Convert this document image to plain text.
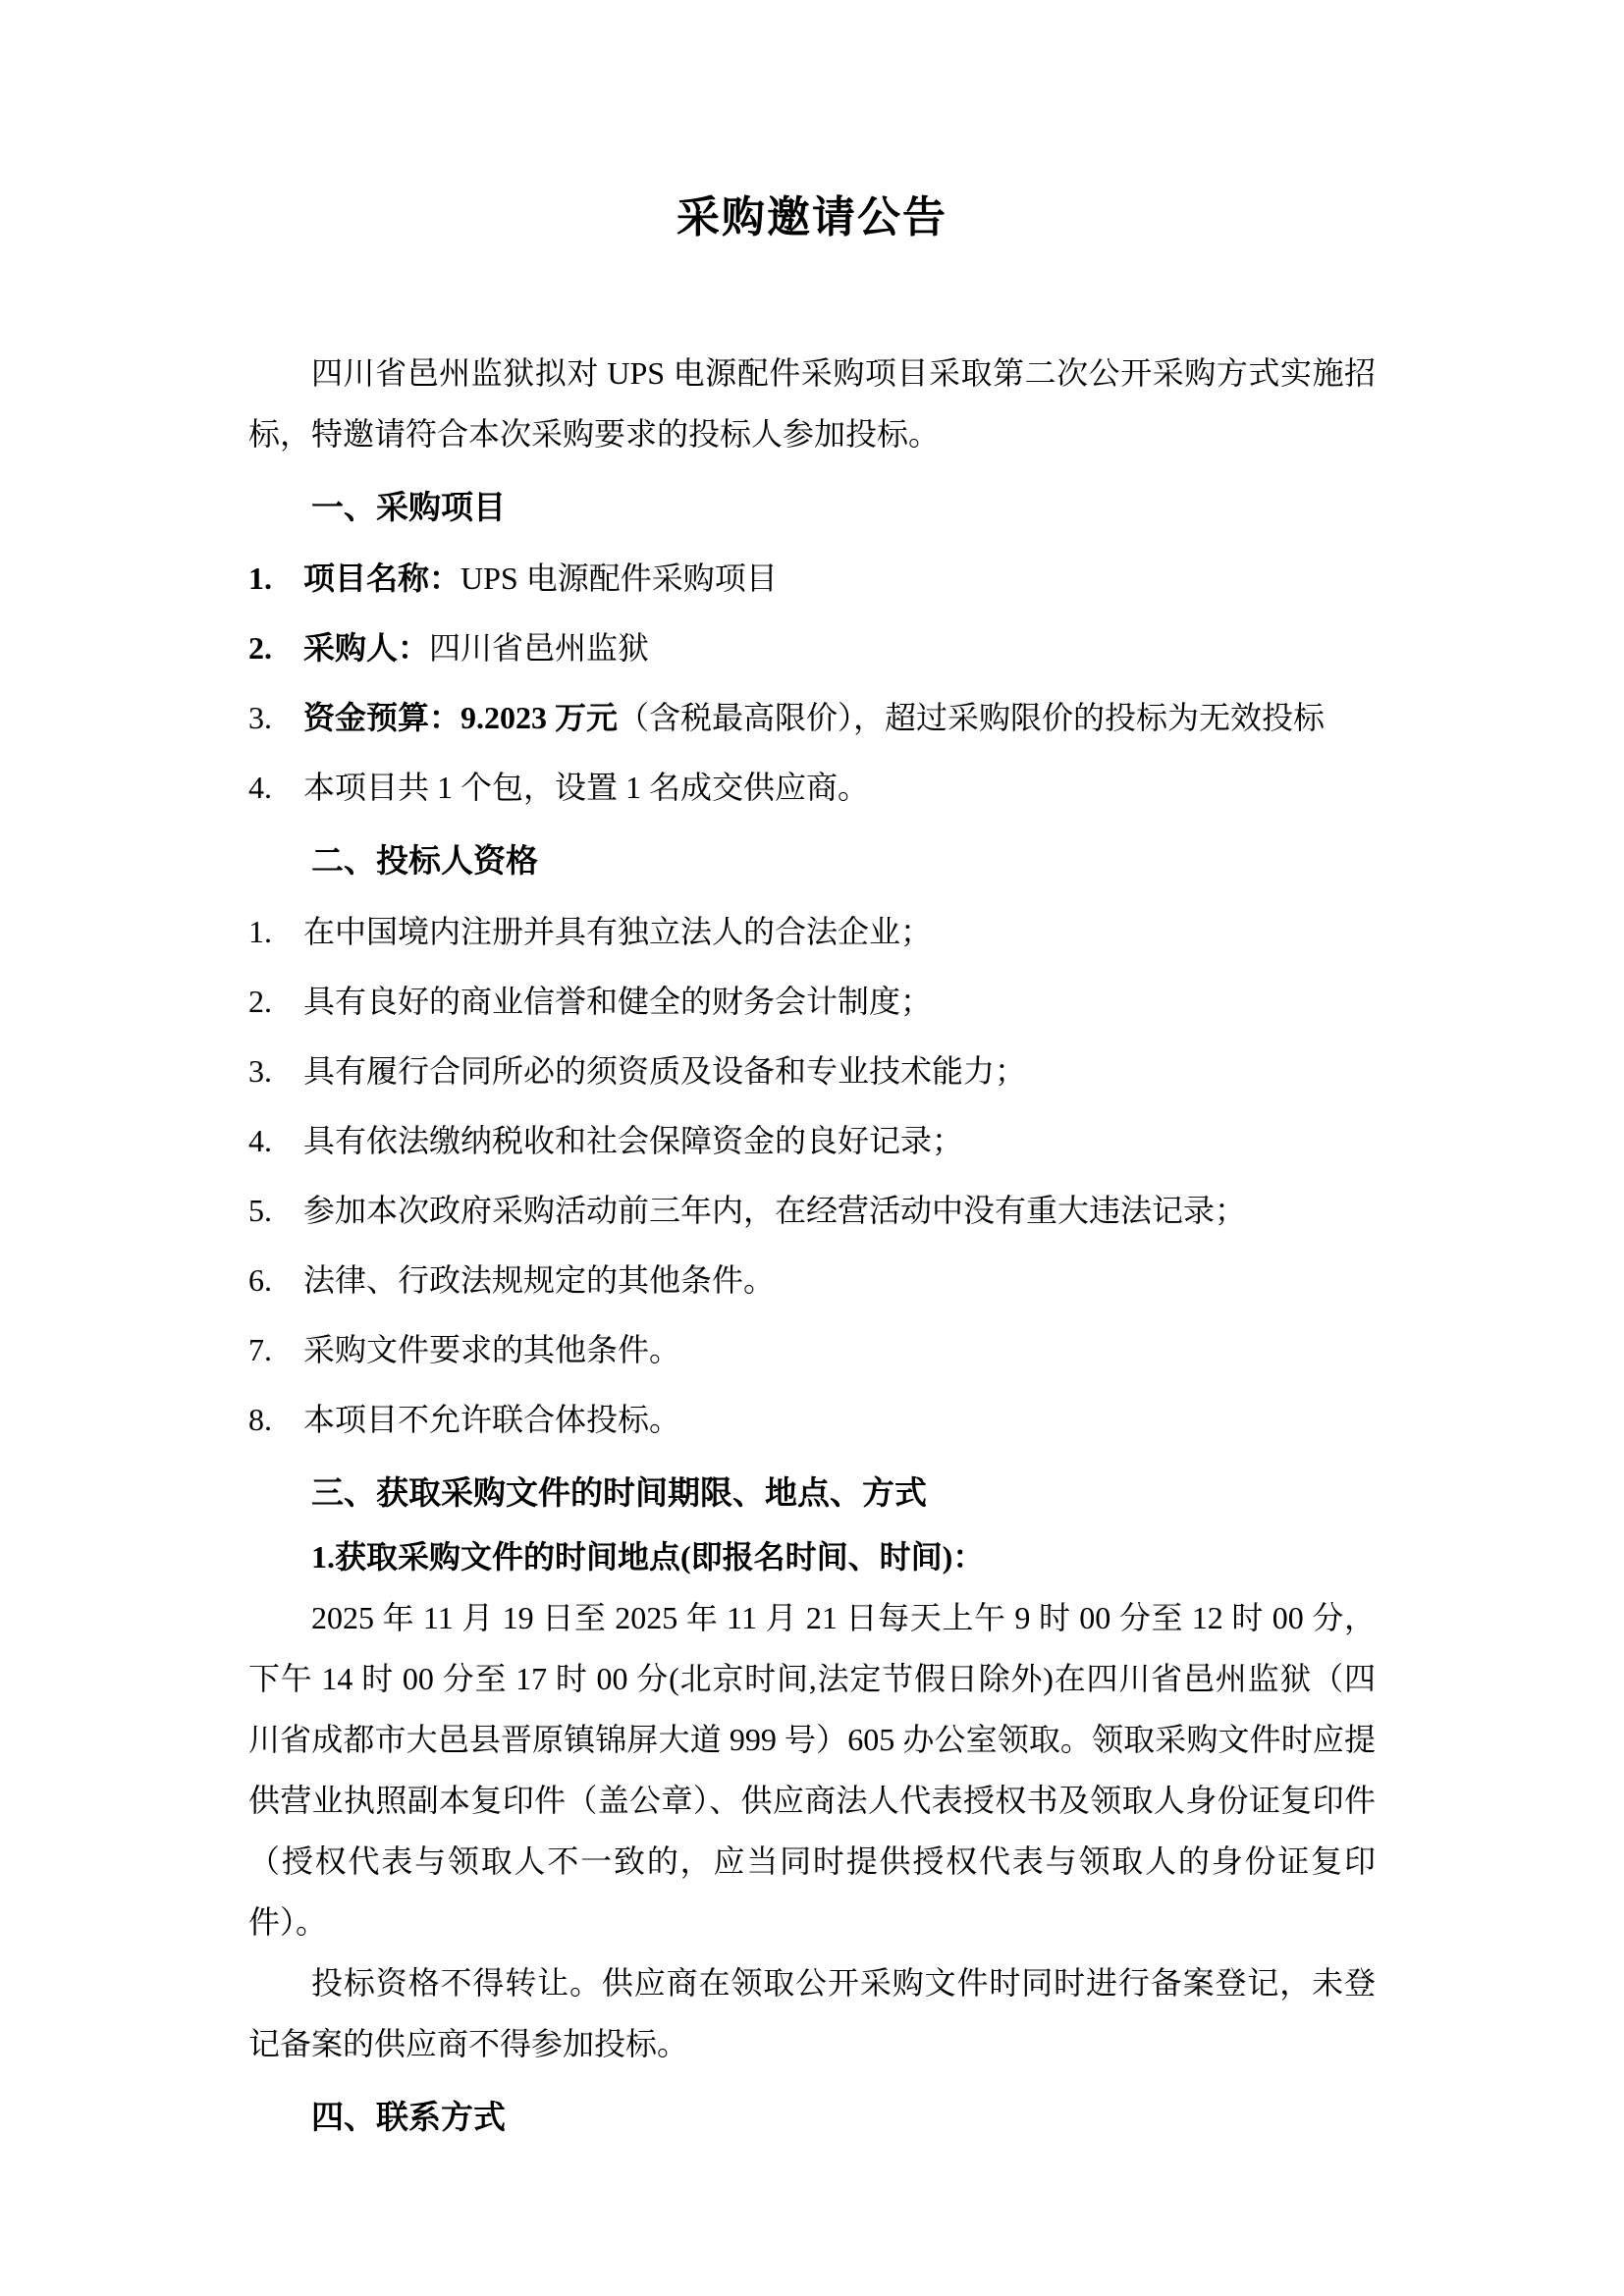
采购邀请公告

四川省邑州监狱拟对 UPS 电源配件采购项目采取第二次公开采购方式实施招标，特邀请符合本次采购要求的投标人参加投标。

一、采购项目
1.	项目名称：UPS 电源配件采购项目
2.	采购人：四川省邑州监狱
3.	资金预算：9.2023 万元（含税最高限价），超过采购限价的投标为无效投标
4.	本项目共 1 个包，设置 1 名成交供应商。
二、投标人资格
1.	在中国境内注册并具有独立法人的合法企业；
2.	具有良好的商业信誉和健全的财务会计制度；
3.	具有履行合同所必的须资质及设备和专业技术能力；
4.	具有依法缴纳税收和社会保障资金的良好记录；
5.	参加本次政府采购活动前三年内，在经营活动中没有重大违法记录；
6.	法律、行政法规规定的其他条件。
7.	采购文件要求的其他条件。
8.	本项目不允许联合体投标。
三、获取采购文件的时间期限、地点、方式
1.获取采购文件的时间地点(即报名时间、时间)：

2025 年 11 月 19 日至 2025 年 11 月 21 日每天上午 9 时 00 分至 12 时 00 分，下午 14 时 00 分至 17 时 00 分(北京时间,法定节假日除外)在四川省邑州监狱（四川省成都市大邑县晋原镇锦屏大道 999 号）605 办公室领取。领取采购文件时应提供营业执照副本复印件（盖公章）、供应商法人代表授权书及领取人身份证复印件（授权代表与领取人不一致的，应当同时提供授权代表与领取人的身份证复印件）。

投标资格不得转让。供应商在领取公开采购文件时同时进行备案登记，未登记备案的供应商不得参加投标。

四、联系方式
